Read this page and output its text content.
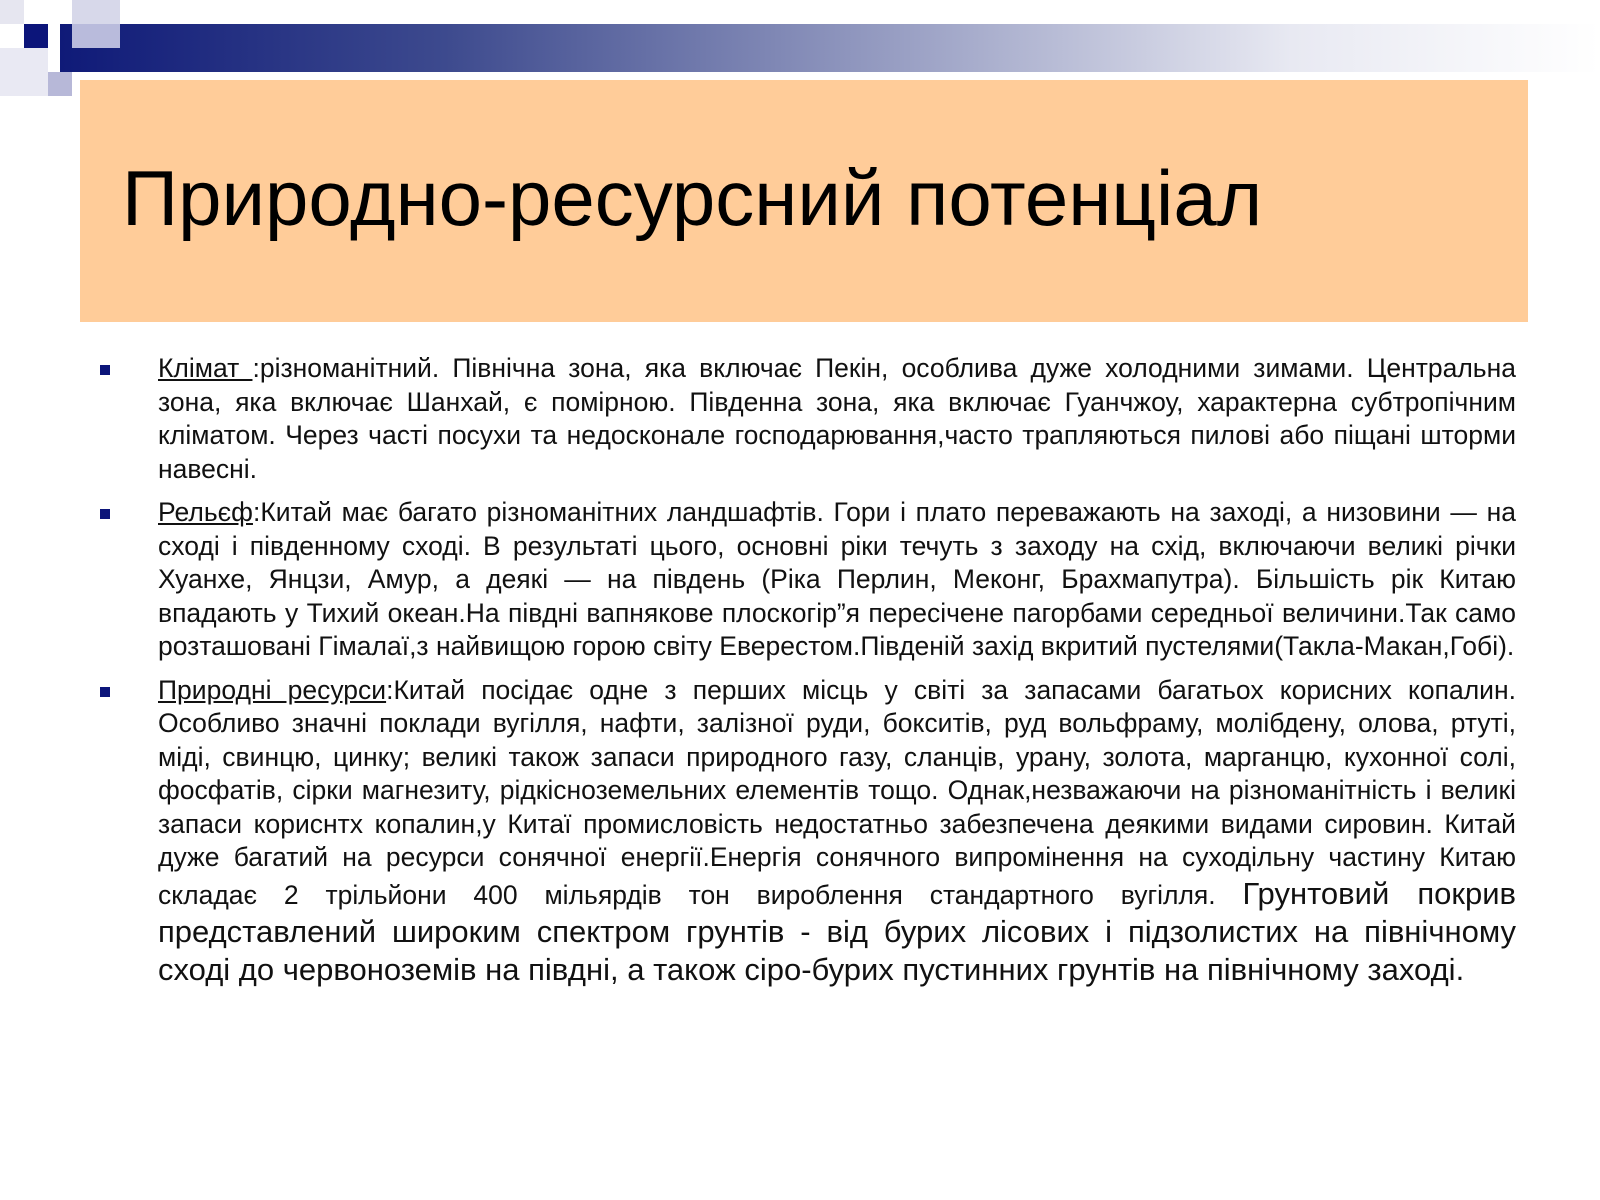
Природно-ресурсний потенціал
Клімат :різноманітний. Північна зона, яка включає Пекін, особлива дуже холодними зимами. Центральна зона, яка включає Шанхай, є помірною. Південна зона, яка включає Гуанчжоу, характерна субтропічним кліматом. Через часті посухи та недосконале господарювання,часто трапляються пилові або піщані шторми навесні.
Рельєф:Китай має багато різноманітних ландшафтів. Гори і плато переважають на заході, а низовини — на сході і південному сході. В результаті цього, основні ріки течуть з заходу на схід, включаючи великі річки Хуанхе, Янцзи, Амур, а деякі — на південь (Ріка Перлин, Меконг, Брахмапутра). Більшість рік Китаю впадають у Тихий океан.На півдні вапнякове плоскогір”я пересічене пагорбами середньої величини.Так само розташовані Гімалаї,з найвищою горою світу Еверестом.Південій захід вкритий пустелями(Такла-Макан,Гобі).
Природні ресурси:Китай посідає одне з перших місць у світі за запасами багатьох корисних копалин. Особливо значні поклади вугілля, нафти, залізної руди, бокситів, руд вольфраму, молібдену, олова, ртуті, міді, свинцю, цинку; великі також запаси природного газу, сланців, урану, золота, марганцю, кухонної солі, фосфатів, сірки магнезиту, рідкісноземельних елементів тощо. Однак,незважаючи на різноманітність і великі запаси кориснтх копалин,у Китаї промисловість недостатньо забезпечена деякими видами сировин. Китай дуже багатий на ресурси сонячної енергії.Енергія сонячного випромінення на суходільну частину Китаю складає 2 трільйони 400 мільярдів тон вироблення стандартного вугілля. Грунтовий покрив представлений широким спектром грунтів - від бурих лісових і підзолистих на північному сході до червоноземів на півдні, а також сіро-бурих пустинних грунтів на північному заході.
